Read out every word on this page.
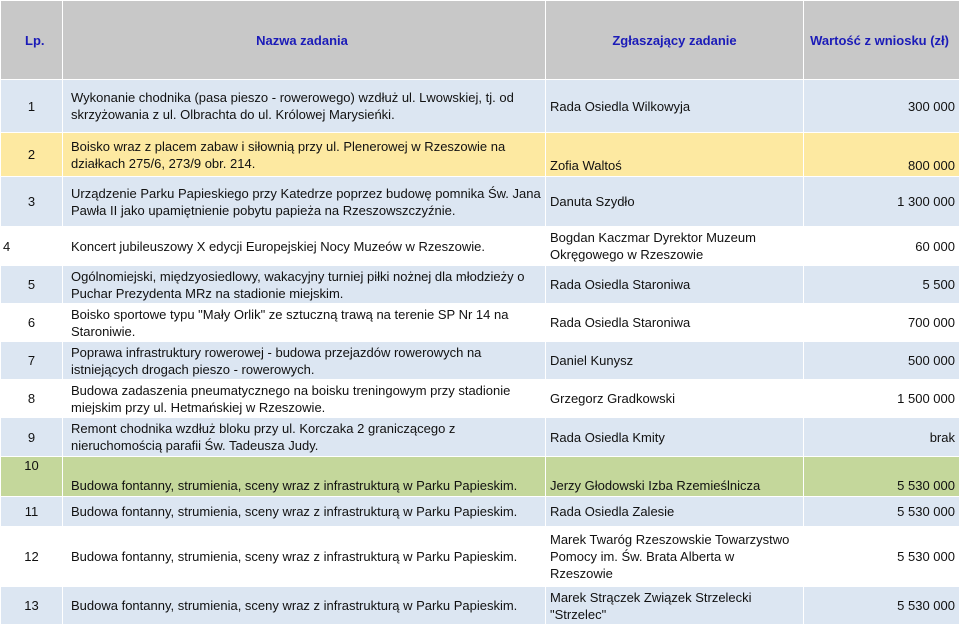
Lp.	Nazwa zadania	Zgłaszający zadanie	Wartość z wniosku (zł)
1	Wykonanie chodnika (pasa pieszo - rowerowego) wzdłuż ul. Lwowskiej, tj. od skrzyżowania z ul. Olbrachta do ul. Królowej Marysieńki.	Rada Osiedla Wilkowyja	300 000
2	Boisko wraz z placem zabaw i siłownią przy ul. Plenerowej w Rzeszowie na działkach 275/6, 273/9 obr. 214.	Zofia Waltoś	800 000
3	Urządzenie Parku Papieskiego przy Katedrze poprzez budowę pomnika Św. Jana Pawła II jako upamiętnienie pobytu papieża na Rzeszowszczyźnie.	Danuta Szydło	1 300 000
4	Koncert jubileuszowy X edycji Europejskiej Nocy Muzeów w Rzeszowie.	Bogdan Kaczmar Dyrektor Muzeum Okręgowego w Rzeszowie	60 000
5	Ogólnomiejski, międzyosiedlowy, wakacyjny turniej piłki nożnej dla młodzieży o Puchar Prezydenta MRz na stadionie miejskim.	Rada Osiedla Staroniwa	5 500
6	Boisko sportowe typu "Mały Orlik" ze sztuczną trawą na terenie SP Nr 14 na Staroniwie.	Rada Osiedla Staroniwa	700 000
7	Poprawa infrastruktury rowerowej - budowa przejazdów rowerowych na istniejących drogach pieszo - rowerowych.	Daniel Kunysz	500 000
8	Budowa zadaszenia pneumatycznego na boisku treningowym przy stadionie miejskim przy ul. Hetmańskiej w Rzeszowie.	Grzegorz Gradkowski	1 500 000
9	Remont chodnika wzdłuż bloku przy ul. Korczaka 2 graniczącego z nieruchomością parafii Św. Tadeusza Judy.	Rada Osiedla Kmity	brak
10	Budowa fontanny, strumienia, sceny wraz z infrastrukturą w Parku Papieskim.	Jerzy Głodowski Izba Rzemieślnicza	5 530 000
11	Budowa fontanny, strumienia, sceny wraz z infrastrukturą w Parku Papieskim.	Rada Osiedla Zalesie	5 530 000
12	Budowa fontanny, strumienia, sceny wraz z infrastrukturą w Parku Papieskim.	Marek Twaróg Rzeszowskie Towarzystwo Pomocy im. Św. Brata Alberta w Rzeszowie	5 530 000
13	Budowa fontanny, strumienia, sceny wraz z infrastrukturą w Parku Papieskim.	Marek Strączek Związek Strzelecki "Strzelec"	5 530 000
